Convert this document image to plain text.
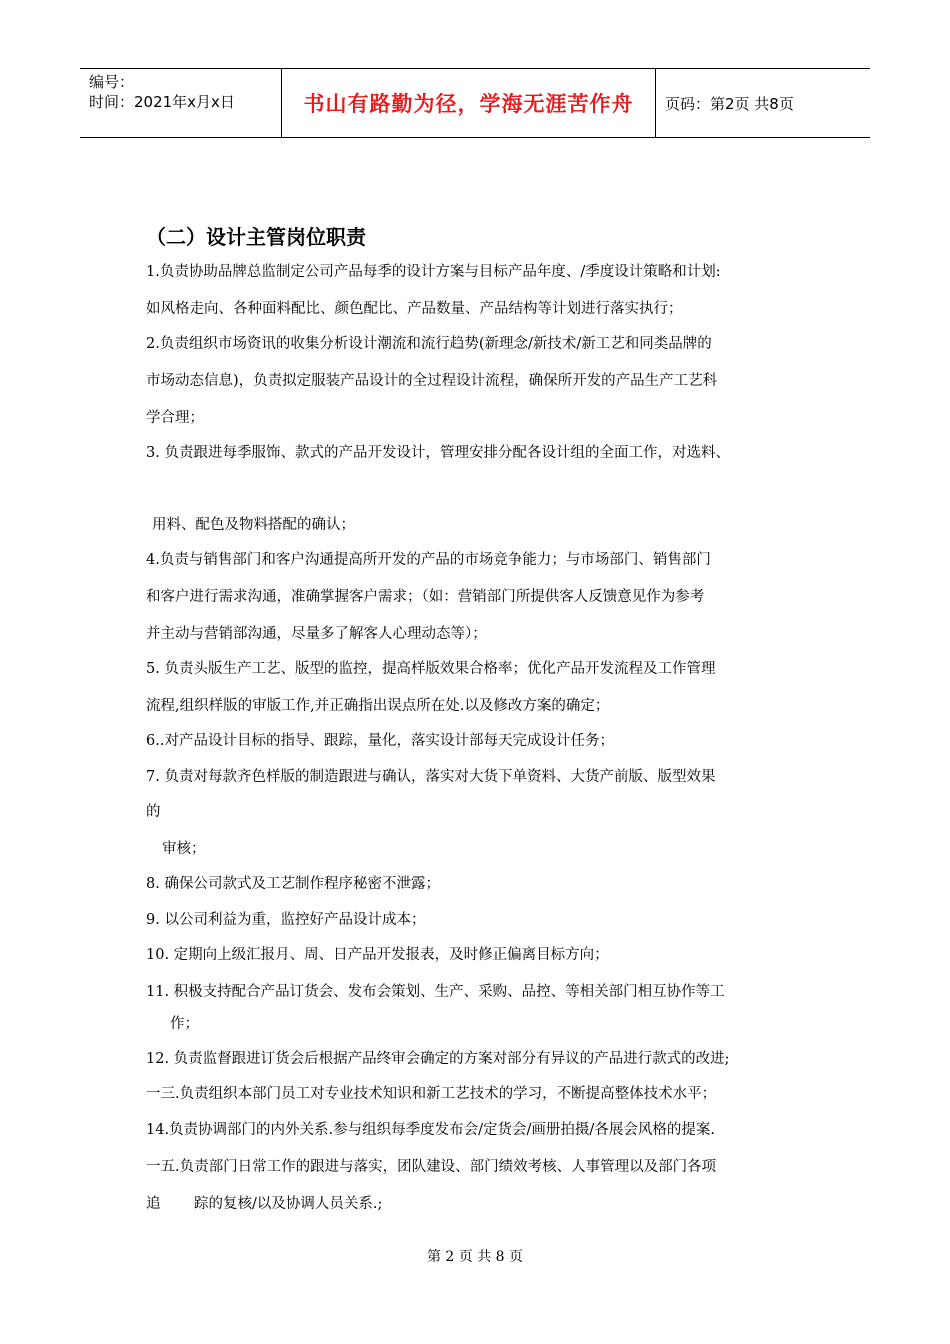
编号：
时间：2021年x月x日	书山有路勤为径，学海无涯苦作舟	页码：第2页 共8页
（二）设计主管岗位职责
1.负责协助品牌总监制定公司产品每季的设计方案与目标产品年度、/季度设计策略和计划:
如风格走向、各种面料配比、颜色配比、产品数量、产品结构等计划进行落实执行；
2.负责组织市场资讯的收集分析设计潮流和流行趋势(新理念/新技术/新工艺和同类品牌的
市场动态信息)，负责拟定服装产品设计的全过程设计流程，确保所开发的产品生产工艺科
学合理；
3. 负责跟进每季服饰、款式的产品开发设计，管理安排分配各设计组的全面工作，对选料、
用料、配色及物料搭配的确认；
4.负责与销售部门和客户沟通提高所开发的产品的市场竞争能力；与市场部门、销售部门
和客户进行需求沟通，准确掌握客户需求；（如：营销部门所提供客人反馈意见作为参考
并主动与营销部沟通，尽量多了解客人心理动态等）；
5. 负责头版生产工艺、版型的监控，提高样版效果合格率；优化产品开发流程及工作管理
流程,组织样版的审版工作,并正确指出误点所在处.以及修改方案的确定；
6..对产品设计目标的指导、跟踪，量化，落实设计部每天完成设计任务；
7. 负责对每款齐色样版的制造跟进与确认，落实对大货下单资料、大货产前版、版型效果
的
审核；
8. 确保公司款式及工艺制作程序秘密不泄露；
9. 以公司利益为重，监控好产品设计成本；
10. 定期向上级汇报月、周、日产品开发报表，及时修正偏离目标方向；
11. 积极支持配合产品订货会、发布会策划、生产、采购、品控、等相关部门相互协作等工
作；
12. 负责监督跟进订货会后根据产品终审会确定的方案对部分有异议的产品进行款式的改进;
一三.负责组织本部门员工对专业技术知识和新工艺技术的学习，不断提高整体技术水平；
14.负责协调部门的内外关系.参与组织每季度发布会/定货会/画册拍摄/各展会风格的提案.
一五.负责部门日常工作的跟进与落实，团队建设、部门绩效考核、人事管理以及部门各项
追 踪的复核/以及协调人员关系.;
第 2 页 共 8 页
